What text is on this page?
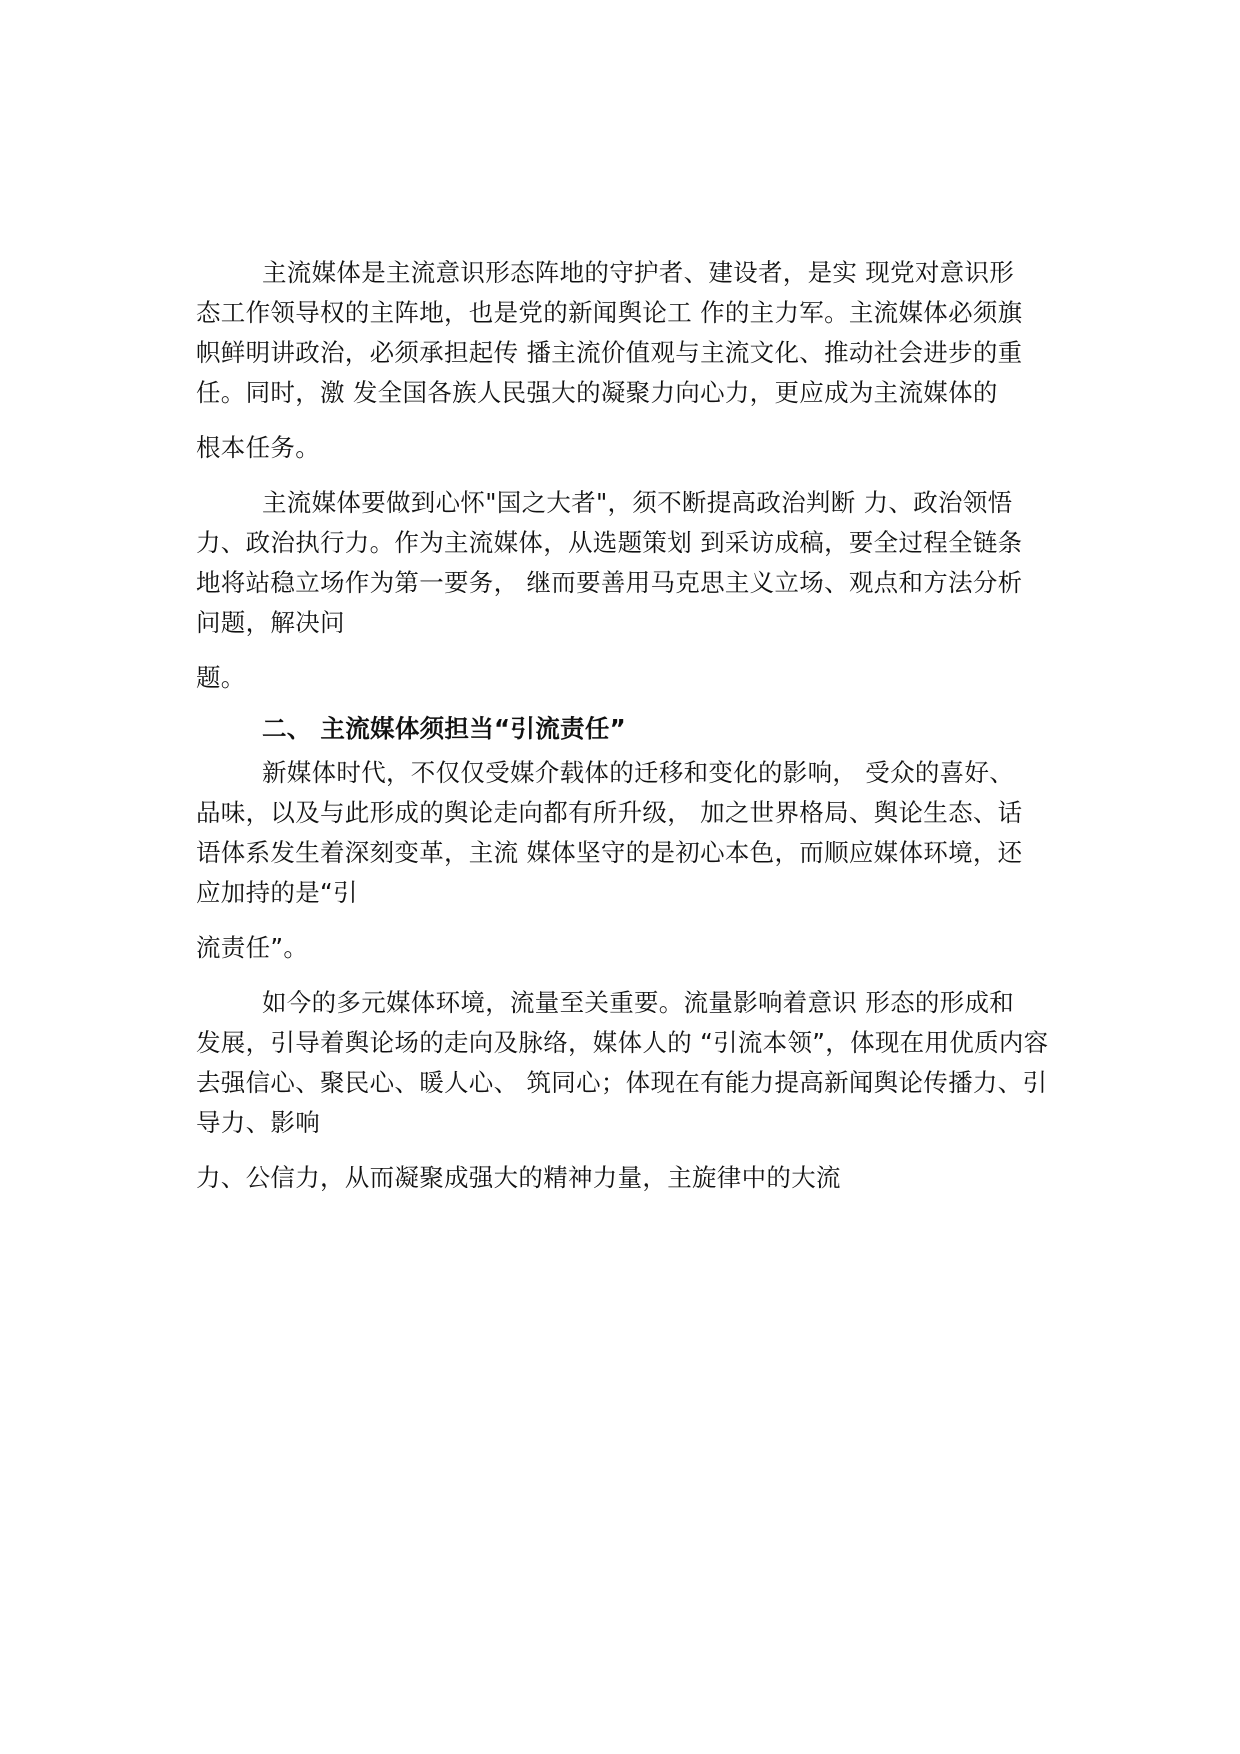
主流媒体是主流意识形态阵地的守护者、建设者，是实 现党对意识形
态工作领导权的主阵地，也是党的新闻舆论工 作的主力军。主流媒体必须旗
帜鲜明讲政治，必须承担起传 播主流价值观与主流文化、推动社会进步的重
任。同时，激 发全国各族人民强大的凝聚力向心力，更应成为主流媒体的
根本任务。
主流媒体要做到心怀"国之大者"，须不断提高政治判断 力、政治领悟
力、政治执行力。作为主流媒体，从选题策划 到采访成稿，要全过程全链条
地将站稳立场作为第一要务， 继而要善用马克思主义立场、观点和方法分析
问题，解决问
题。
二、 主流媒体须担当“引流责任”
新媒体时代，不仅仅受媒介载体的迁移和变化的影响， 受众的喜好、
品味，以及与此形成的舆论走向都有所升级， 加之世界格局、舆论生态、话
语体系发生着深刻变革，主流 媒体坚守的是初心本色，而顺应媒体环境，还
应加持的是“引
流责任”。
如今的多元媒体环境，流量至关重要。流量影响着意识 形态的形成和
发展，引导着舆论场的走向及脉络，媒体人的 “引流本领”，体现在用优质内容
去强信心、聚民心、暖人心、 筑同心；体现在有能力提高新闻舆论传播力、引
导力、影响
力、公信力，从而凝聚成强大的精神力量，主旋律中的大流
